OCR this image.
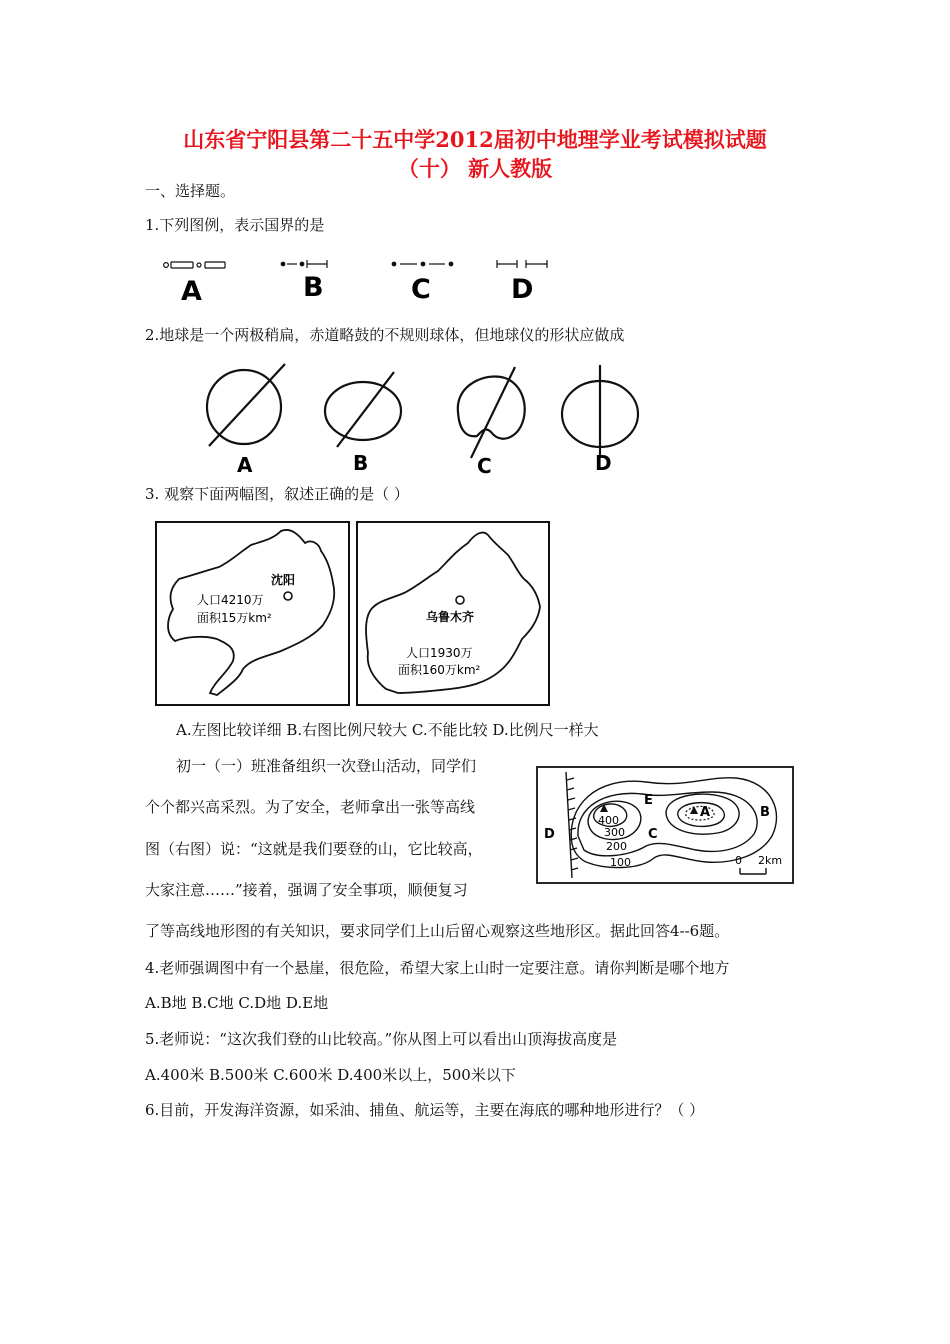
山东省宁阳县第二十五中学2012届初中地理学业考试模拟试题
（十） 新人教版
一、选择题。
1.下列图例，表示国界的是
A	B	C	D
2.地球是一个两极稍扁，赤道略鼓的不规则球体，但地球仪的形状应做成
A	B	C	D
3. 观察下面两幅图，叙述正确的是（ ）
沈阳
人口4210万
面积15万km²	乌鲁木齐
人口1930万
面积160万km²
A.左图比较详细 B.右图比例尺较大 C.不能比较 D.比例尺一样大
初一（一）班准备组织一次登山活动，同学们
个个都兴高采烈。为了安全，老师拿出一张等高线
图（右图）说：“这就是我们要登的山，它比较高，
大家注意……”接着，强调了安全事项，顺便复习
了等高线地形图的有关知识，要求同学们上山后留心观察这些地形区。据此回答4--6题。
A	B
C
D
E
400
300
200
100	0 2km
4.老师强调图中有一个悬崖，很危险，希望大家上山时一定要注意。请你判断是哪个地方
A.B地 B.C地 C.D地 D.E地
5.老师说：“这次我们登的山比较高。”你从图上可以看出山顶海拔高度是
A.400米 B.500米 C.600米 D.400米以上，500米以下
6.目前，开发海洋资源，如采油、捕鱼、航运等，主要在海底的哪种地形进行？（ ）
